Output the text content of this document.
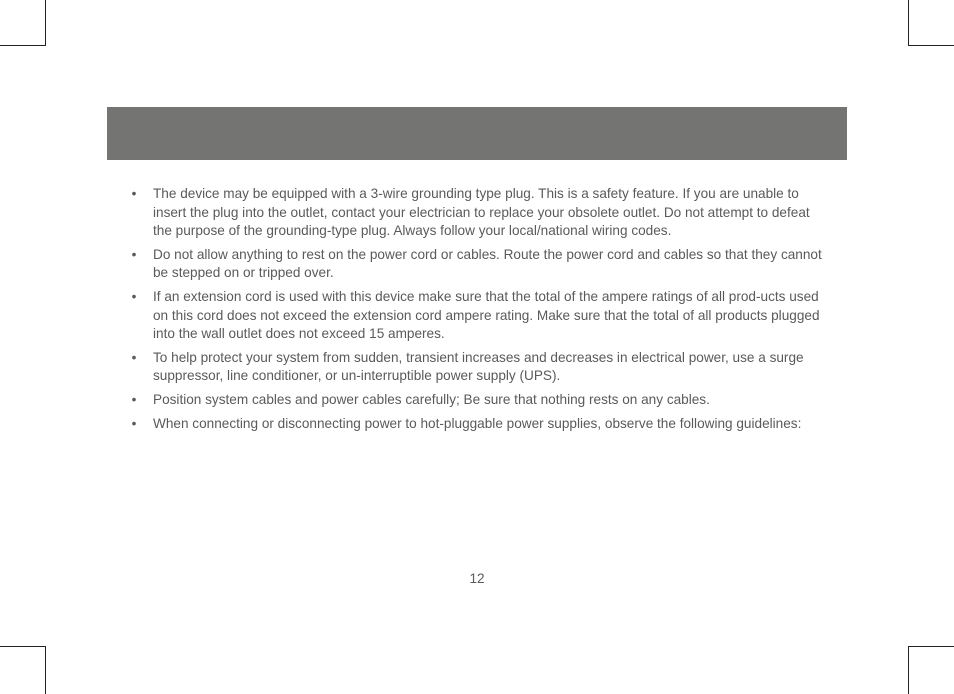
• The device may be equipped with a 3-wire grounding type plug. This is a safety feature. If you are unable to insert the plug into the outlet, contact your electrician to replace your obsolete outlet. Do not attempt to defeat the purpose of the grounding-type plug. Always follow your local/national wiring codes.
• Do not allow anything to rest on the power cord or cables. Route the power cord and cables so that they cannot be stepped on or tripped over.
• If an extension cord is used with this device make sure that the total of the ampere ratings of all prod-ucts used on this cord does not exceed the extension cord ampere rating. Make sure that the total of all products plugged into the wall outlet does not exceed 15 amperes.
• To help protect your system from sudden, transient increases and decreases in electrical power, use a surge suppressor, line conditioner, or un-interruptible power supply (UPS).
• Position system cables and power cables carefully; Be sure that nothing rests on any cables.
• When connecting or disconnecting power to hot-pluggable power supplies, observe the following guidelines:
12
